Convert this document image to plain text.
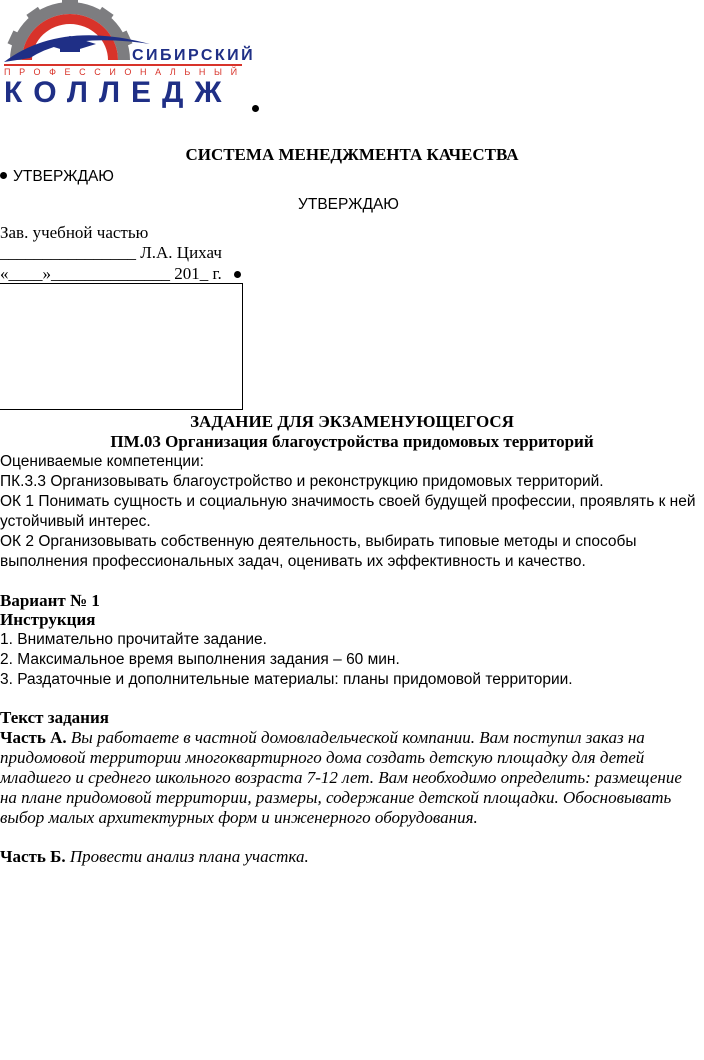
СИБИРСКИЙ
ПРОФЕССИОНАЛЬНЫЙ
КОЛЛЕДЖ
СИСТЕМА МЕНЕДЖМЕНТА КАЧЕСТВА
УТВЕРЖДАЮ
УТВЕРЖДАЮ
Зав. учебной частью
________________ Л.А. Цихач
«____»______________ 201_ г.
ЗАДАНИЕ ДЛЯ ЭКЗАМЕНУЮЩЕГОСЯ
ПМ.03 Организация благоустройства придомовых территорий
Оцениваемые компетенции:
ПК.3.3 Организовывать благоустройство и реконструкцию придомовых территорий.
ОК 1 Понимать сущность и социальную значимость своей будущей профессии, проявлять к ней
устойчивый интерес.
ОК 2 Организовывать собственную деятельность, выбирать типовые методы и способы
выполнения профессиональных задач, оценивать их эффективность и качество.
Вариант № 1
Инструкция
1. Внимательно прочитайте задание.
2. Максимальное время выполнения задания – 60 мин.
3. Раздаточные и дополнительные материалы: планы придомовой территории.
Текст задания
Часть А. Вы работаете в частной домовладельческой компании. Вам поступил заказ на
придомовой территории многоквартирного дома создать детскую площадку для детей
младшего и среднего школьного возраста 7-12 лет. Вам необходимо определить: размещение
на плане придомовой территории, размеры, содержание детской площадки. Обосновывать
выбор малых архитектурных форм и инженерного оборудования.
Часть Б. Провести анализ плана участка.
